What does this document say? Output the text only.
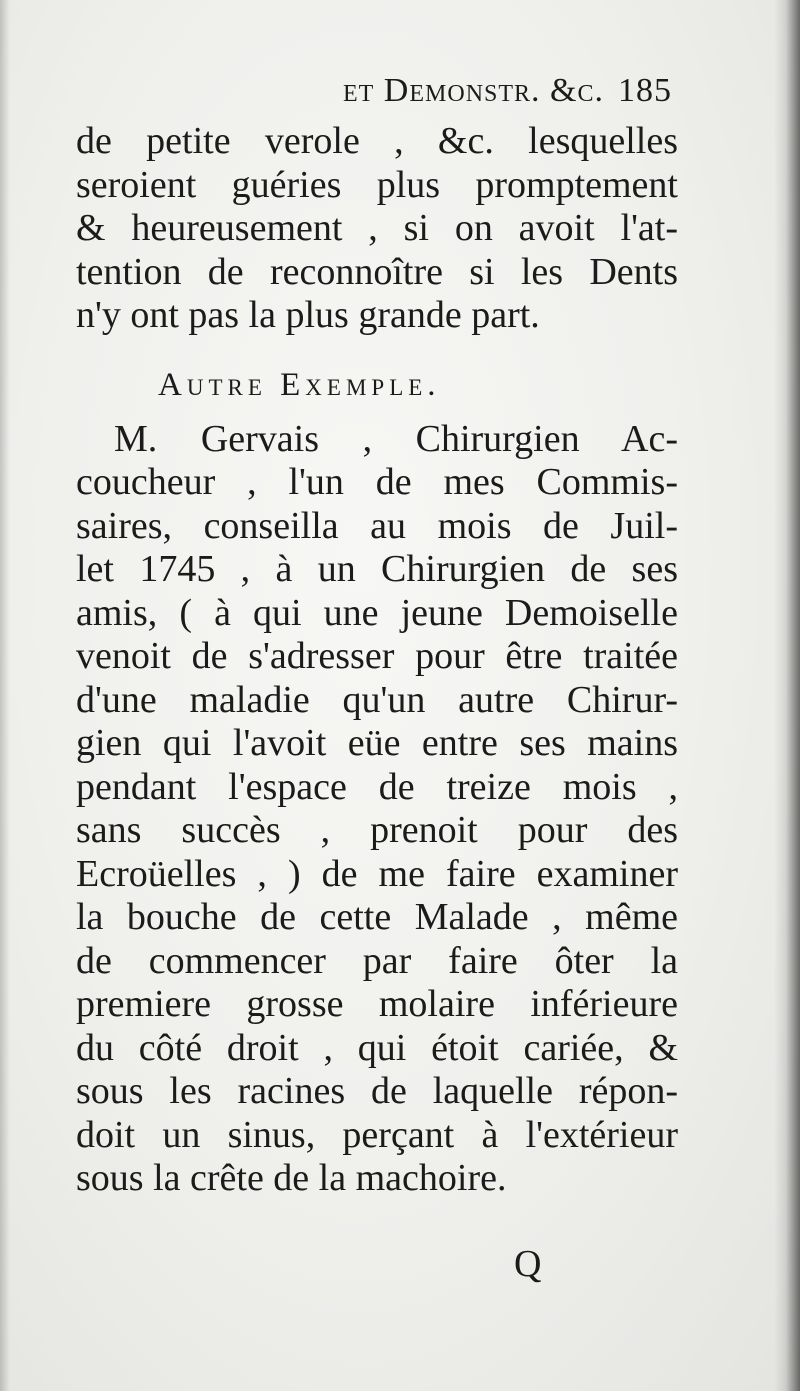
et Demonstr. &c. 185
de petite verole , &c. lesquelles
seroient guéries plus promptement
& heureusement , si on avoit l'at-
tention de reconnoître si les Dents
n'y ont pas la plus grande part.
Autre Exemple.
M. Gervais , Chirurgien Ac-
coucheur , l'un de mes Commis-
saires, conseilla au mois de Juil-
let 1745 , à un Chirurgien de ses
amis, ( à qui une jeune Demoiselle
venoit de s'adresser pour être traitée
d'une maladie qu'un autre Chirur-
gien qui l'avoit eüe entre ses mains
pendant l'espace de treize mois ,
sans succès , prenoit pour des
Ecroüelles , ) de me faire examiner
la bouche de cette Malade , même
de commencer par faire ôter la
premiere grosse molaire inférieure
du côté droit , qui étoit cariée, &
sous les racines de laquelle répon-
doit un sinus, perçant à l'extérieur
sous la crête de la machoire.
Q
